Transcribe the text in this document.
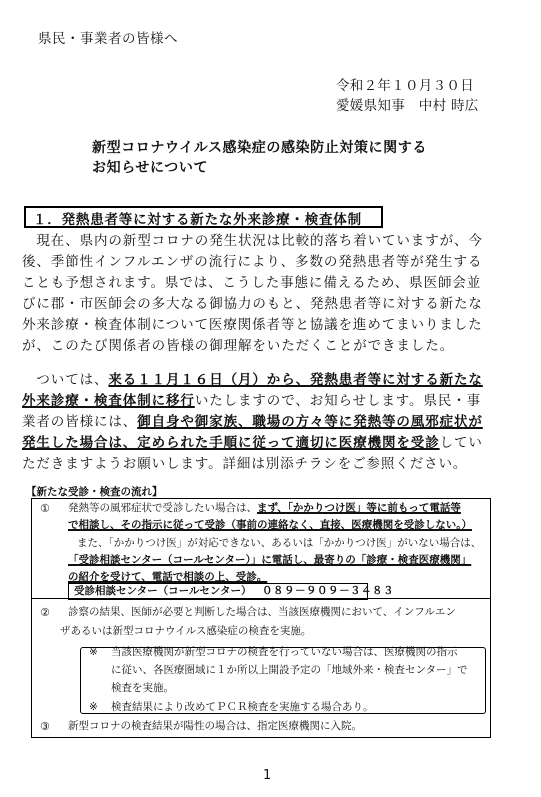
県民・事業者の皆様へ
令和２年１０月３０日
愛媛県知事　中村 時広
新型コロナウイルス感染症の感染防止対策に関する
お知らせについて
１．発熱患者等に対する新たな外来診療・検査体制
　現在、県内の新型コロナの発生状況は比較的落ち着いていますが、今
後、季節性インフルエンザの流行により、多数の発熱患者等が発生する
ことも予想されます。県では、こうした事態に備えるため、県医師会並
びに郡・市医師会の多大なる御協力のもと、発熱患者等に対する新たな
外来診療・検査体制について医療関係者等と協議を進めてまいりました
が、このたび関係者の皆様の御理解をいただくことができました。
　ついては、来る１１月１６日（月）から、発熱患者等に対する新たな
外来診療・検査体制に移行いたしますので、お知らせします。県民・事
業者の皆様には、御自身や御家族、職場の方々等に発熱等の風邪症状が
発生した場合は、定められた手順に従って適切に医療機関を受診してい
ただきますようお願いします。詳細は別添チラシをご参照ください。
【新たな受診・検査の流れ】
① 発熱等の風邪症状で受診したい場合は、まず、「かかりつけ医」等に前もって電話等
で相談し、その指示に従って受診（事前の連絡なく、直接、医療機関を受診しない。）
また、「かかりつけ医」が対応できない、あるいは「かかりつけ医」がいない場合は、
「受診相談センター（コールセンター）」に電話し、最寄りの「診療・検査医療機関」
の紹介を受けて、電話で相談の上、受診。
受診相談センター（コールセンター） ０８９－９０９－３４８３
② 診察の結果、医師が必要と判断した場合は、当該医療機関において、インフルエン
ザあるいは新型コロナウイルス感染症の検査を実施。
※ 当該医療機関が新型コロナの検査を行っていない場合は、医療機関の指示
に従い、各医療圏域に１か所以上開設予定の「地域外来・検査センター」で
検査を実施。
※ 検査結果により改めてＰＣＲ検査を実施する場合あり。
③ 新型コロナの検査結果が陽性の場合は、指定医療機関に入院。
1
